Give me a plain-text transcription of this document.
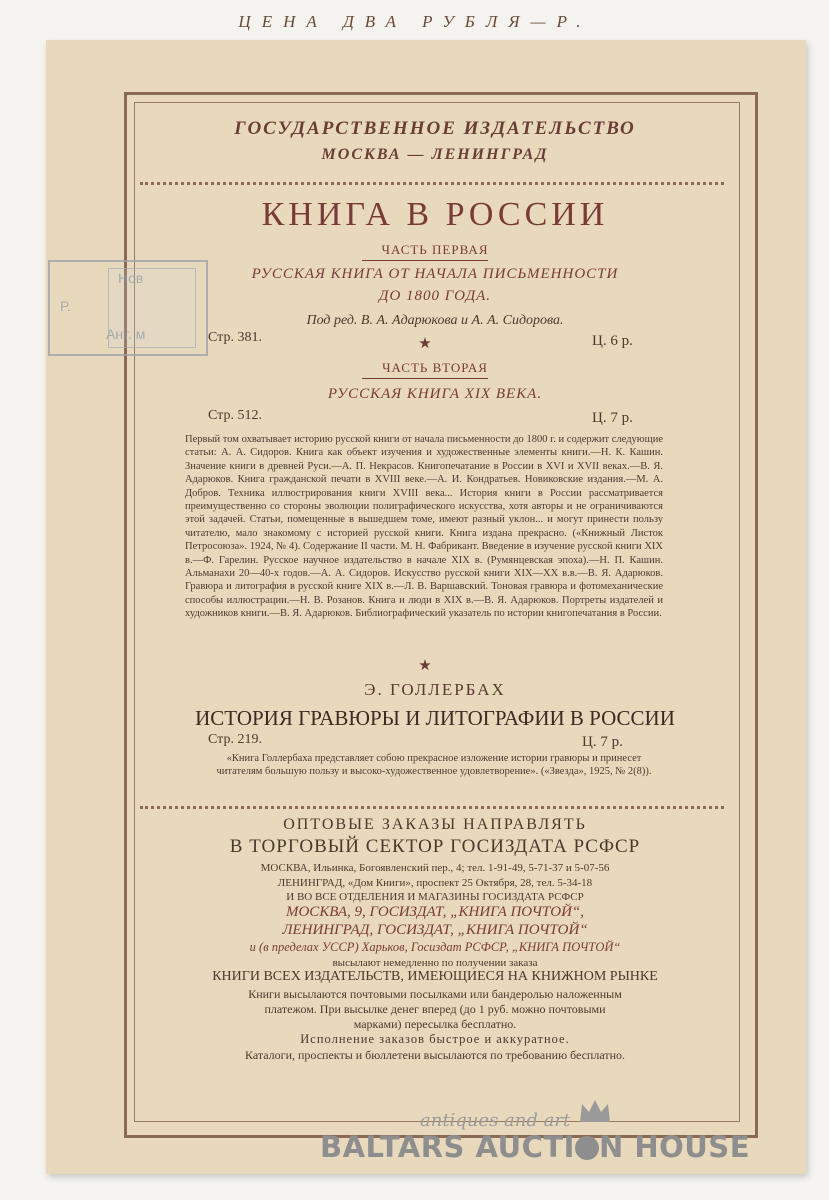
ЦЕНА ДВА РУБЛЯ—Р.
ГОСУДАРСТВЕННОЕ ИЗДАТЕЛЬСТВО
МОСКВА — ЛЕНИНГРАД
КНИГА В РОССИИ
ЧАСТЬ ПЕРВАЯ
РУССКАЯ КНИГА ОТ НАЧАЛА ПИСЬМЕННОСТИ
ДО 1800 ГОДА.
Под ред. В. А. Адарюкова и А. А. Сидорова.
Стр. 381.	Ц. 6 р.
★
ЧАСТЬ ВТОРАЯ
РУССКАЯ КНИГА XIX ВЕКА.
Стр. 512.	Ц. 7 р.
Первый том охватывает историю русской книги от начала письменности до 1800 г. и содержит следующие статьи: А. А. Сидоров. Книга как объект изучения и художественные элементы книги.—Н. К. Кашин. Значение книги в древней Руси.—А. П. Некрасов. Книгопечатание в России в XVI и XVII веках.—В. Я. Адарюков. Книга гражданской печати в XVIII веке.—А. И. Кондратьев. Новиковские издания.—М. А. Добров. Техника иллюстрирования книги XVIII века... История книги в России рассматривается преимущественно со стороны эволюции полиграфического искусства, хотя авторы и не ограничиваются этой задачей. Статьи, помещенные в вышедшем томе, имеют разный уклон... и могут принести пользу читателю, мало знакомому с историей русской книги. Книга издана прекрасно. («Книжный Листок Петросоюза». 1924, № 4). Содержание II части. М. Н. Фабрикант. Введение в изучение русской книги XIX в.—Ф. Гарелин. Русское научное издательство в начале XIX в. (Румянцевская эпоха).—Н. П. Кашин. Альманахи 20—40-х годов.—А. А. Сидоров. Искусство русской книги XIX—XX в.в.—В. Я. Адарюков. Гравюра и литография в русской книге XIX в.—Л. В. Варшавский. Тоновая гравюра и фотомеханические способы иллюстрации.—Н. В. Розанов. Книга и люди в XIX в.—В. Я. Адарюков. Портреты издателей и художников книги.—В. Я. Адарюков. Библиографический указатель по истории книгопечатания в России.
★
Э. ГОЛЛЕРБАХ
ИСТОРИЯ ГРАВЮРЫ И ЛИТОГРАФИИ В РОССИИ
Стр. 219.	Ц. 7 р.
«Книга Голлербаха представляет собою прекрасное изложение истории гравюры и принесет читателям большую пользу и высоко-художественное удовлетворение». («Звезда», 1925, № 2(8)).
ОПТОВЫЕ ЗАКАЗЫ НАПРАВЛЯТЬ
В ТОРГОВЫЙ СЕКТОР ГОСИЗДАТА РСФСР
МОСКВА, Ильинка, Богоявленский пер., 4; тел. 1-91-49, 5-71-37 и 5-07-56
ЛЕНИНГРАД, «Дом Книги», проспект 25 Октября, 28, тел. 5-34-18
И ВО ВСЕ ОТДЕЛЕНИЯ И МАГАЗИНЫ ГОСИЗДАТА РСФСР
МОСКВА, 9, ГОСИЗДАТ, „КНИГА ПОЧТОЙ“,
ЛЕНИНГРАД, ГОСИЗДАТ, „КНИГА ПОЧТОЙ“
и (в пределах УССР) Харьков, Госиздат РСФСР, „КНИГА ПОЧТОЙ“
высылают немедленно по получении заказа
КНИГИ ВСЕХ ИЗДАТЕЛЬСТВ, ИМЕЮЩИЕСЯ НА КНИЖНОМ РЫНКЕ
Книги высылаются почтовыми посылками или бандеролью наложенным
платежом. При высылке денег вперед (до 1 руб. можно почтовыми
марками) пересылка бесплатно.
Исполнение заказов быстрое и аккуратное.
Каталоги, проспекты и бюллетени высылаются по требованию бесплатно.
Нов
Р.
Ант. м
antiques and art
BALTARS AUCTI N HOUSE
